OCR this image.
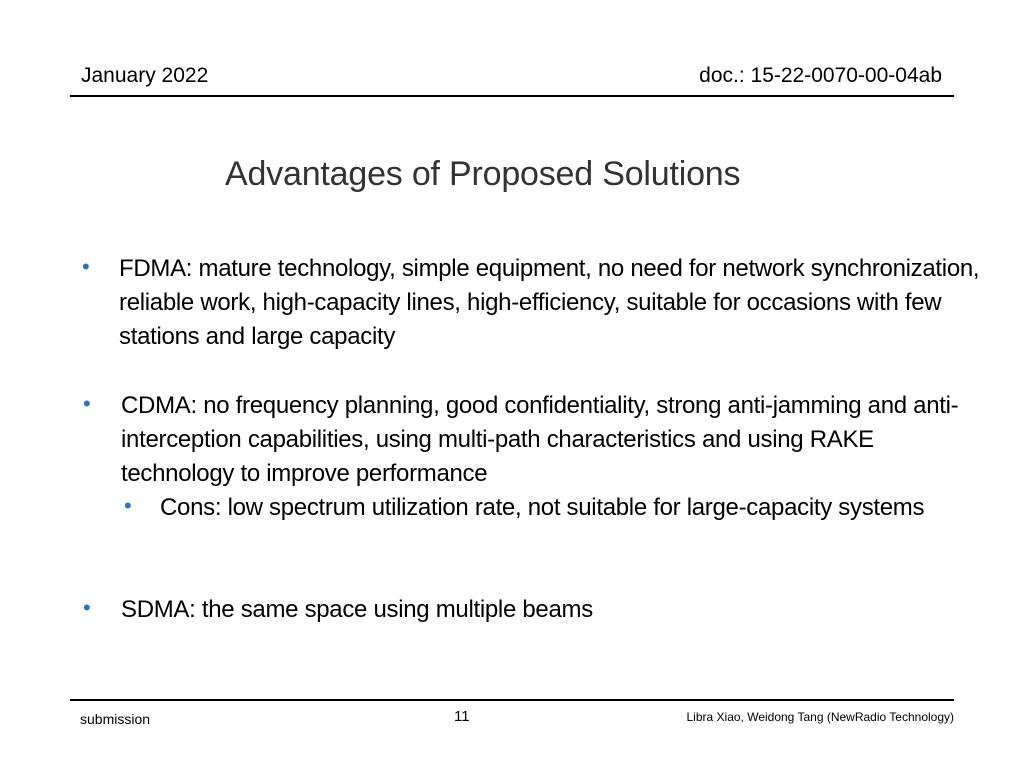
January 2022	doc.: 15-22-0070-00-04ab
Advantages of Proposed Solutions
• FDMA: mature technology, simple equipment, no need for network synchronization, reliable work, high-capacity lines, high-efficiency, suitable for occasions with few stations and large capacity
• CDMA: no frequency planning, good confidentiality, strong anti-jamming and anti-interception capabilities, using multi-path characteristics and using RAKE technology to improve performance
• Cons: low spectrum utilization rate, not suitable for large-capacity systems
• SDMA: the same space using multiple beams
submission	11	Libra Xiao, Weidong Tang (NewRadio Technology)
